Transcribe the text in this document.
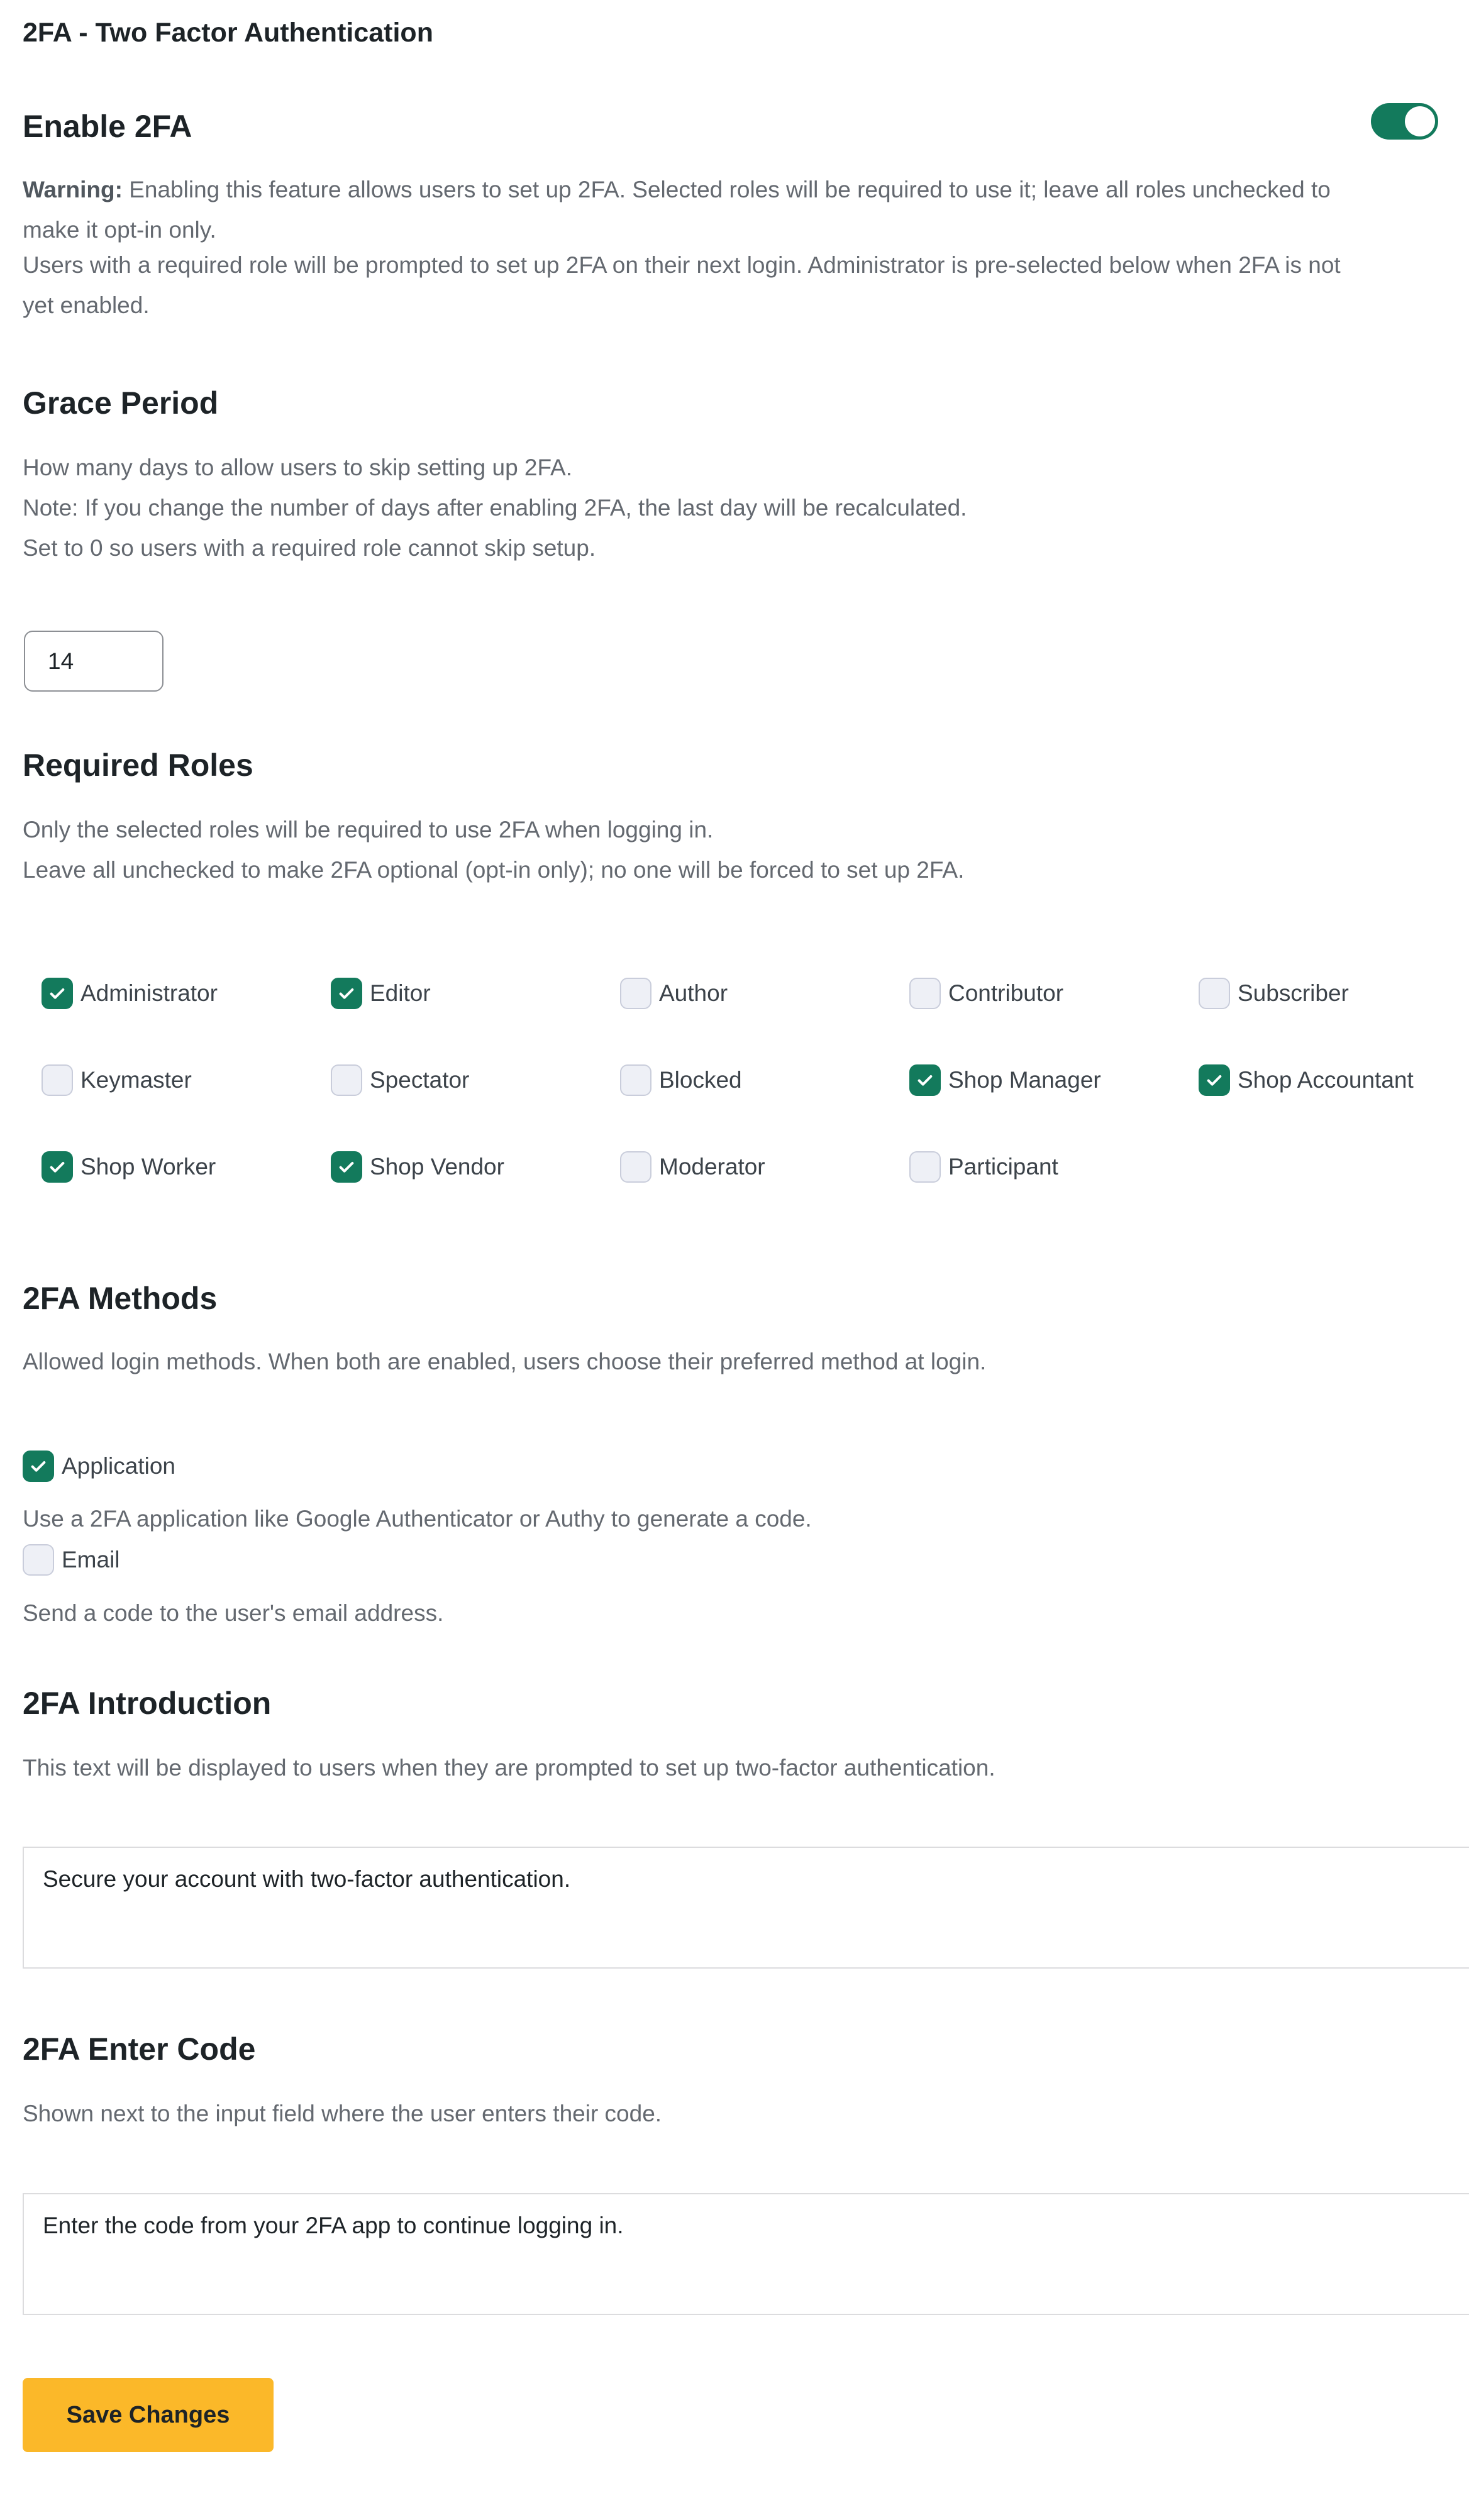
2FA - Two Factor Authentication
Enable 2FA
Warning: Enabling this feature allows users to set up 2FA. Selected roles will be required to use it; leave all roles unchecked to make it opt-in only.
Users with a required role will be prompted to set up 2FA on their next login. Administrator is pre-selected below when 2FA is not yet enabled.
Grace Period
How many days to allow users to skip setting up 2FA.
Note: If you change the number of days after enabling 2FA, the last day will be recalculated.
Set to 0 so users with a required role cannot skip setup.
14
Required Roles
Only the selected roles will be required to use 2FA when logging in.
Leave all unchecked to make 2FA optional (opt-in only); no one will be forced to set up 2FA.
Administrator	Editor	Author	Contributor	Subscriber
Keymaster	Spectator	Blocked	Shop Manager	Shop Accountant
Shop Worker	Shop Vendor	Moderator	Participant
2FA Methods
Allowed login methods. When both are enabled, users choose their preferred method at login.
Application
Use a 2FA application like Google Authenticator or Authy to generate a code.
Email
Send a code to the user's email address.
2FA Introduction
This text will be displayed to users when they are prompted to set up two-factor authentication.
Secure your account with two-factor authentication.
2FA Enter Code
Shown next to the input field where the user enters their code.
Enter the code from your 2FA app to continue logging in.
Save Changes
